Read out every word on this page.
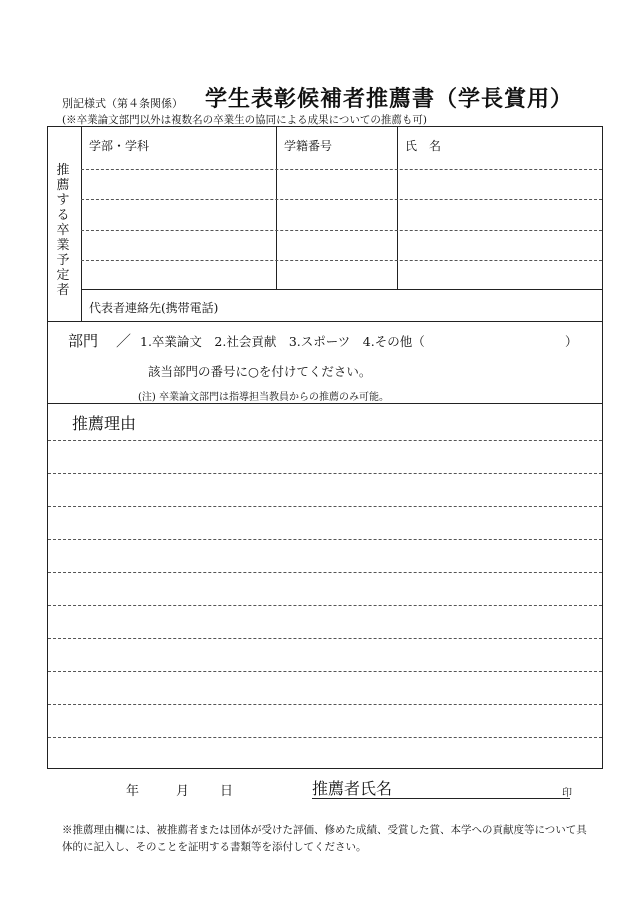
別記様式（第４条関係） 学生表彰候補者推薦書（学長賞用）
(※卒業論文部門以外は複数名の卒業生の協同による成果についての推薦も可)
推
薦
す
る
卒
業
予
定
者
学部・学科	学籍番号	氏　名
代表者連絡先(携帯電話)
部門 ／ 1.卒業論文　2.社会貢献　3.スポーツ　4.その他（	）
該当部門の番号に○を付けてください。
(注) 卒業論文部門は指導担当教員からの推薦のみ可能。
推薦理由
年	月 日	推薦者氏名	印
※推薦理由欄には、被推薦者または団体が受けた評価、修めた成績、受賞した賞、本学への貢献度等について具体的に記入し、そのことを証明する書類等を添付してください。
